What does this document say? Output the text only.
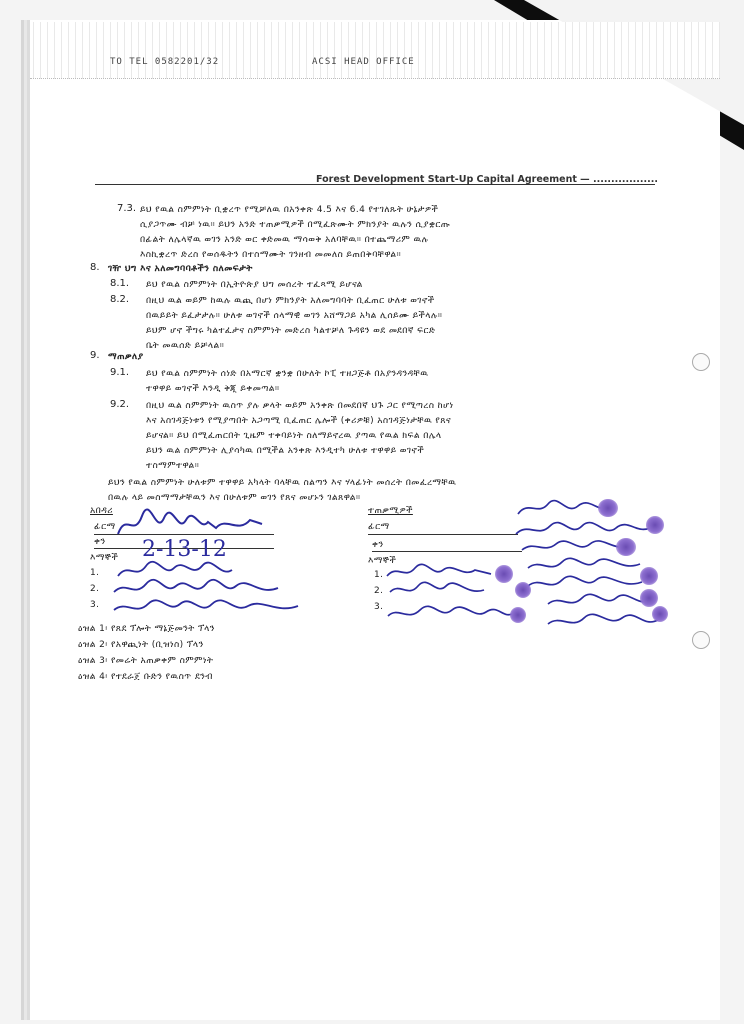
TO TEL 0582201/32	ACSI HEAD OFFICE
Forest Development Start-Up Capital Agreement — ..................
7.3.
8.
8.1.
8.2.
9.
9.1.
9.2.
ይህ የዉል ስምምነት ቢቋረጥ የሚቻለዉ በአንቀጽ 4.5 እና 6.4 የተገለጹት ሁኔታዎች
ሲያጋጥሙ ብቻ ነዉ። ይህን አንድ ተጠቃሚዎች በሚፈጽሙት ምክንያት ዉሉን ሲያቋርጡ
በፊልት ለሌላኛዉ ወገን አንድ ወር ቀድመዉ ማሳወቅ አለባቸዉ። በተጨማሪም ዉሉ
እስኪቋረጥ ድረስ የወሰዱትን በተስማሙት ገንዘብ መመለስ ይጠበቅባቸዋል።
ገዥ ህግ እና አለመግባባቶችን ስለመፍታት
ይህ የዉል ስምምነት በኢትዮጵያ ህግ መሰረት ተፈጻሚ ይሆናል
በዚህ ዉል ወይም ከዉሉ ዉጪ በሆነ ምክንያት አለመግባባት ቢፈጠር ሁለቱ ወገኖች
በዉይይት ይፈታታሉ። ሁለቱ ወገኖች ሰላማዊ ወገን አሸማጋይ አካል ሊሰይሙ ይችላሉ።
ይህም ሆኖ ችግሩ ካልተፈታና ስምምነት መድረስ ካልተቻለ ጉዳዩን ወደ መደበኛ ፍርድ
ቤት መዉሰድ ይቻላል።
ማጠቃለያ
ይህ የዉል ስምምነት ሰነድ በአማርኛ ቋንቋ በሁለት ኮፒ ተዘጋጅቶ በአያንዳንዳቸዉ
ተዋዋይ ወገኖች እንዲ ቅጂ ይቀመጣል።
በዚህ ዉል ስምምነት ዉስጥ ያሉ ቃላት ወይም አንቀጽ በመደበኛ ህጉ ጋር የሚጣረስ ከሆነ
እና አስገዳጅነቱን የሚያጣበት አጋጣሚ ቢፈጠር ሌሎች (ቀሪዎቹ) አስገዳጅነታቸዉ የጸና
ይሆናል። ይህ በሚፈጠርበት ጊዜም ተቀባይነት ስለማይኖረዉ ያጣዉ የዉል ክፍል በሌላ
ይህን ዉል ስምምነት ሊያሳካዉ በሚችል አንቀጽ እንዲተካ ሁለቱ ተዋዋይ ወገኖች
ተስማምተዋል።
ይህን የዉል ስምምነት ሁለቱም ተዋዋይ አካላት ባላቸዉ ስልጣን እና ሃላፊነት መሰረት በመፈረማቸዉ
በዉሉ ላይ መስማማታቸዉን እና በሁለቱም ወገን የጸና መሆኑን ገልጸዋል።
አበዳሪ
ፊርማ
ቀን
እማኞች
1.
2.
3.
ዕዝል 1፡ የጸደ ፕሎት ማኔጅመንት ፕላን
ዕዝል 2፡ የአዋጪነት (ቢዝነስ) ፕላን
ዕዝል 3፡ የመሬት አጠቃቀም ስምምነት
ዕዝል 4፡ የተደራጀ ቡድን የዉስጥ ደንብ
ተጠቃሚዎች
ፊርማ
ቀን
እማኞች
1.
2.
3.
2-13-12
